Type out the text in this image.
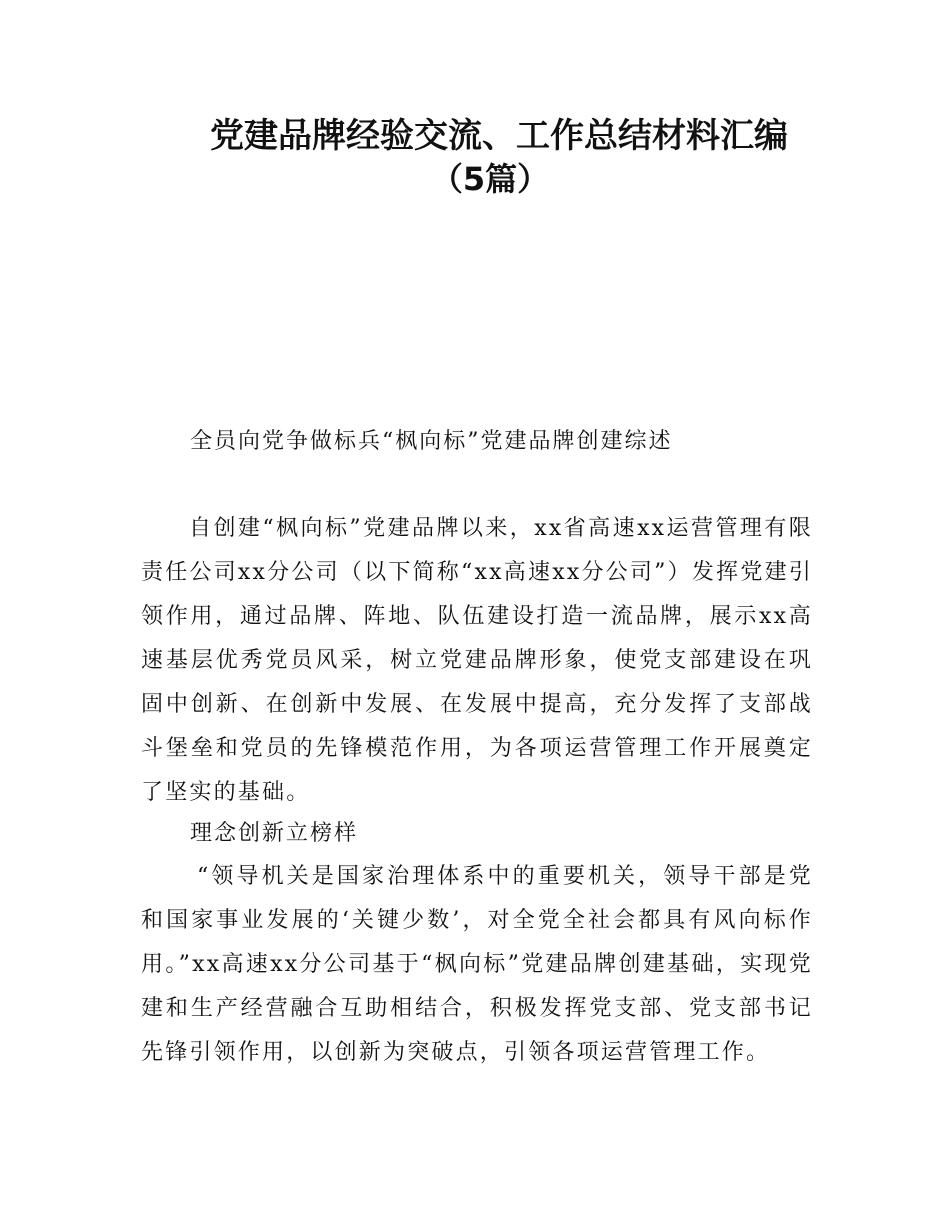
党建品牌经验交流、工作总结材料汇编
（5篇）

全员向党争做标兵“枫向标”党建品牌创建综述

自创建“枫向标”党建品牌以来，xx省高速xx运营管理有限责任公司xx分公司（以下简称“xx高速xx分公司”）发挥党建引领作用，通过品牌、阵地、队伍建设打造一流品牌，展示xx高速基层优秀党员风采，树立党建品牌形象，使党支部建设在巩固中创新、在创新中发展、在发展中提高，充分发挥了支部战斗堡垒和党员的先锋模范作用，为各项运营管理工作开展奠定了坚实的基础。

理念创新立榜样

“领导机关是国家治理体系中的重要机关，领导干部是党和国家事业发展的‘关键少数’，对全党全社会都具有风向标作用。”xx高速xx分公司基于“枫向标”党建品牌创建基础，实现党建和生产经营融合互助相结合，积极发挥党支部、党支部书记先锋引领作用，以创新为突破点，引领各项运营管理工作。
